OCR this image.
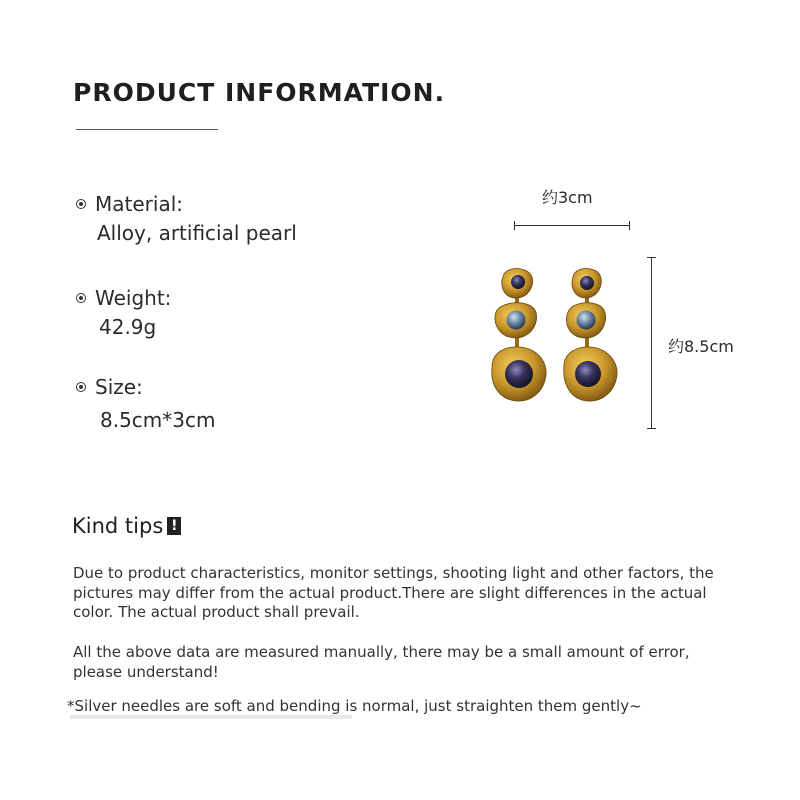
PRODUCT INFORMATION.
Material:
Alloy, artificial pearl
Weight:
42.9g
Size:
8.5cm*3cm
约3cm
约8.5cm
Kind tips !

Due to product characteristics, monitor settings, shooting light and other factors, the pictures may differ from the actual product.There are slight differences in the actual color. The actual product shall prevail.

All the above data are measured manually, there may be a small amount of error, please understand!

*Silver needles are soft and bending is normal, just straighten them gently~
